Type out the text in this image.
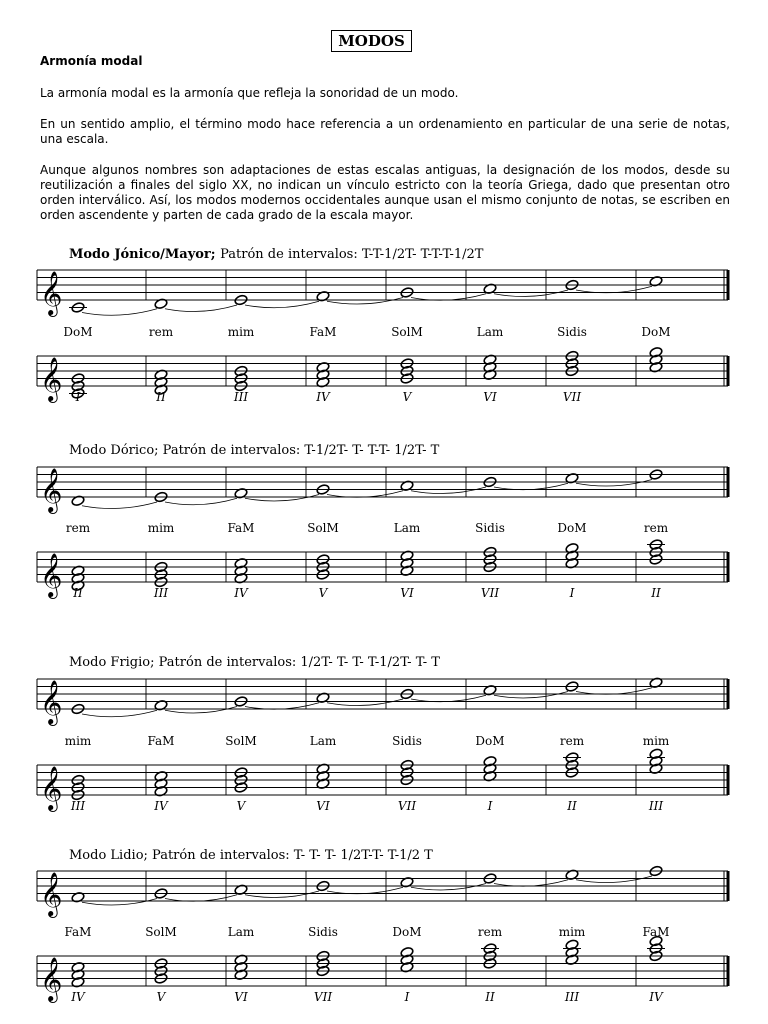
MODOS
Armonía modal

La armonía modal es la armonía que refleja la sonoridad de un modo.

En un sentido amplio, el término modo hace referencia a un ordenamiento en particular de una serie de notas, una escala.

Aunque algunos nombres son adaptaciones de estas escalas antiguas, la designación de los modos, desde su reutilización a finales del siglo XX, no indican un vínculo estricto con la teoría Griega, dado que presentan otro orden interválico. Así, los modos modernos occidentales aunque usan el mismo conjunto de notas, se escriben en orden ascendente y parten de cada grado de la escala mayor.

Modo Jónico/Mayor; Patrón de intervalos: T-T-1/2T- T-T-T-1/2T
𝄞
DoM	rem	mim	FaM	SolM	Lam	Sidis	DoM
𝄞 I	II	III	IV	V	VI	VII
Modo Dórico; Patrón de intervalos: T-1/2T- T- T-T- 1/2T- T
𝄞
rem	mim	FaM	SolM	Lam	Sidis	DoM	rem
𝄞 II	III	IV	V	VI	VII	I	II
Modo Frigio; Patrón de intervalos: 1/2T- T- T- T-1/2T- T- T
𝄞
mim	FaM	SolM	Lam	Sidis	DoM	rem	mim
𝄞 III	IV	V	VI	VII	I	II	III
Modo Lidio; Patrón de intervalos: T- T- T- 1/2T-T- T-1/2 T
𝄞
FaM	SolM	Lam	Sidis	DoM	rem	mim	FaM
𝄞 IV	V	VI	VII	I	II	III	IV
